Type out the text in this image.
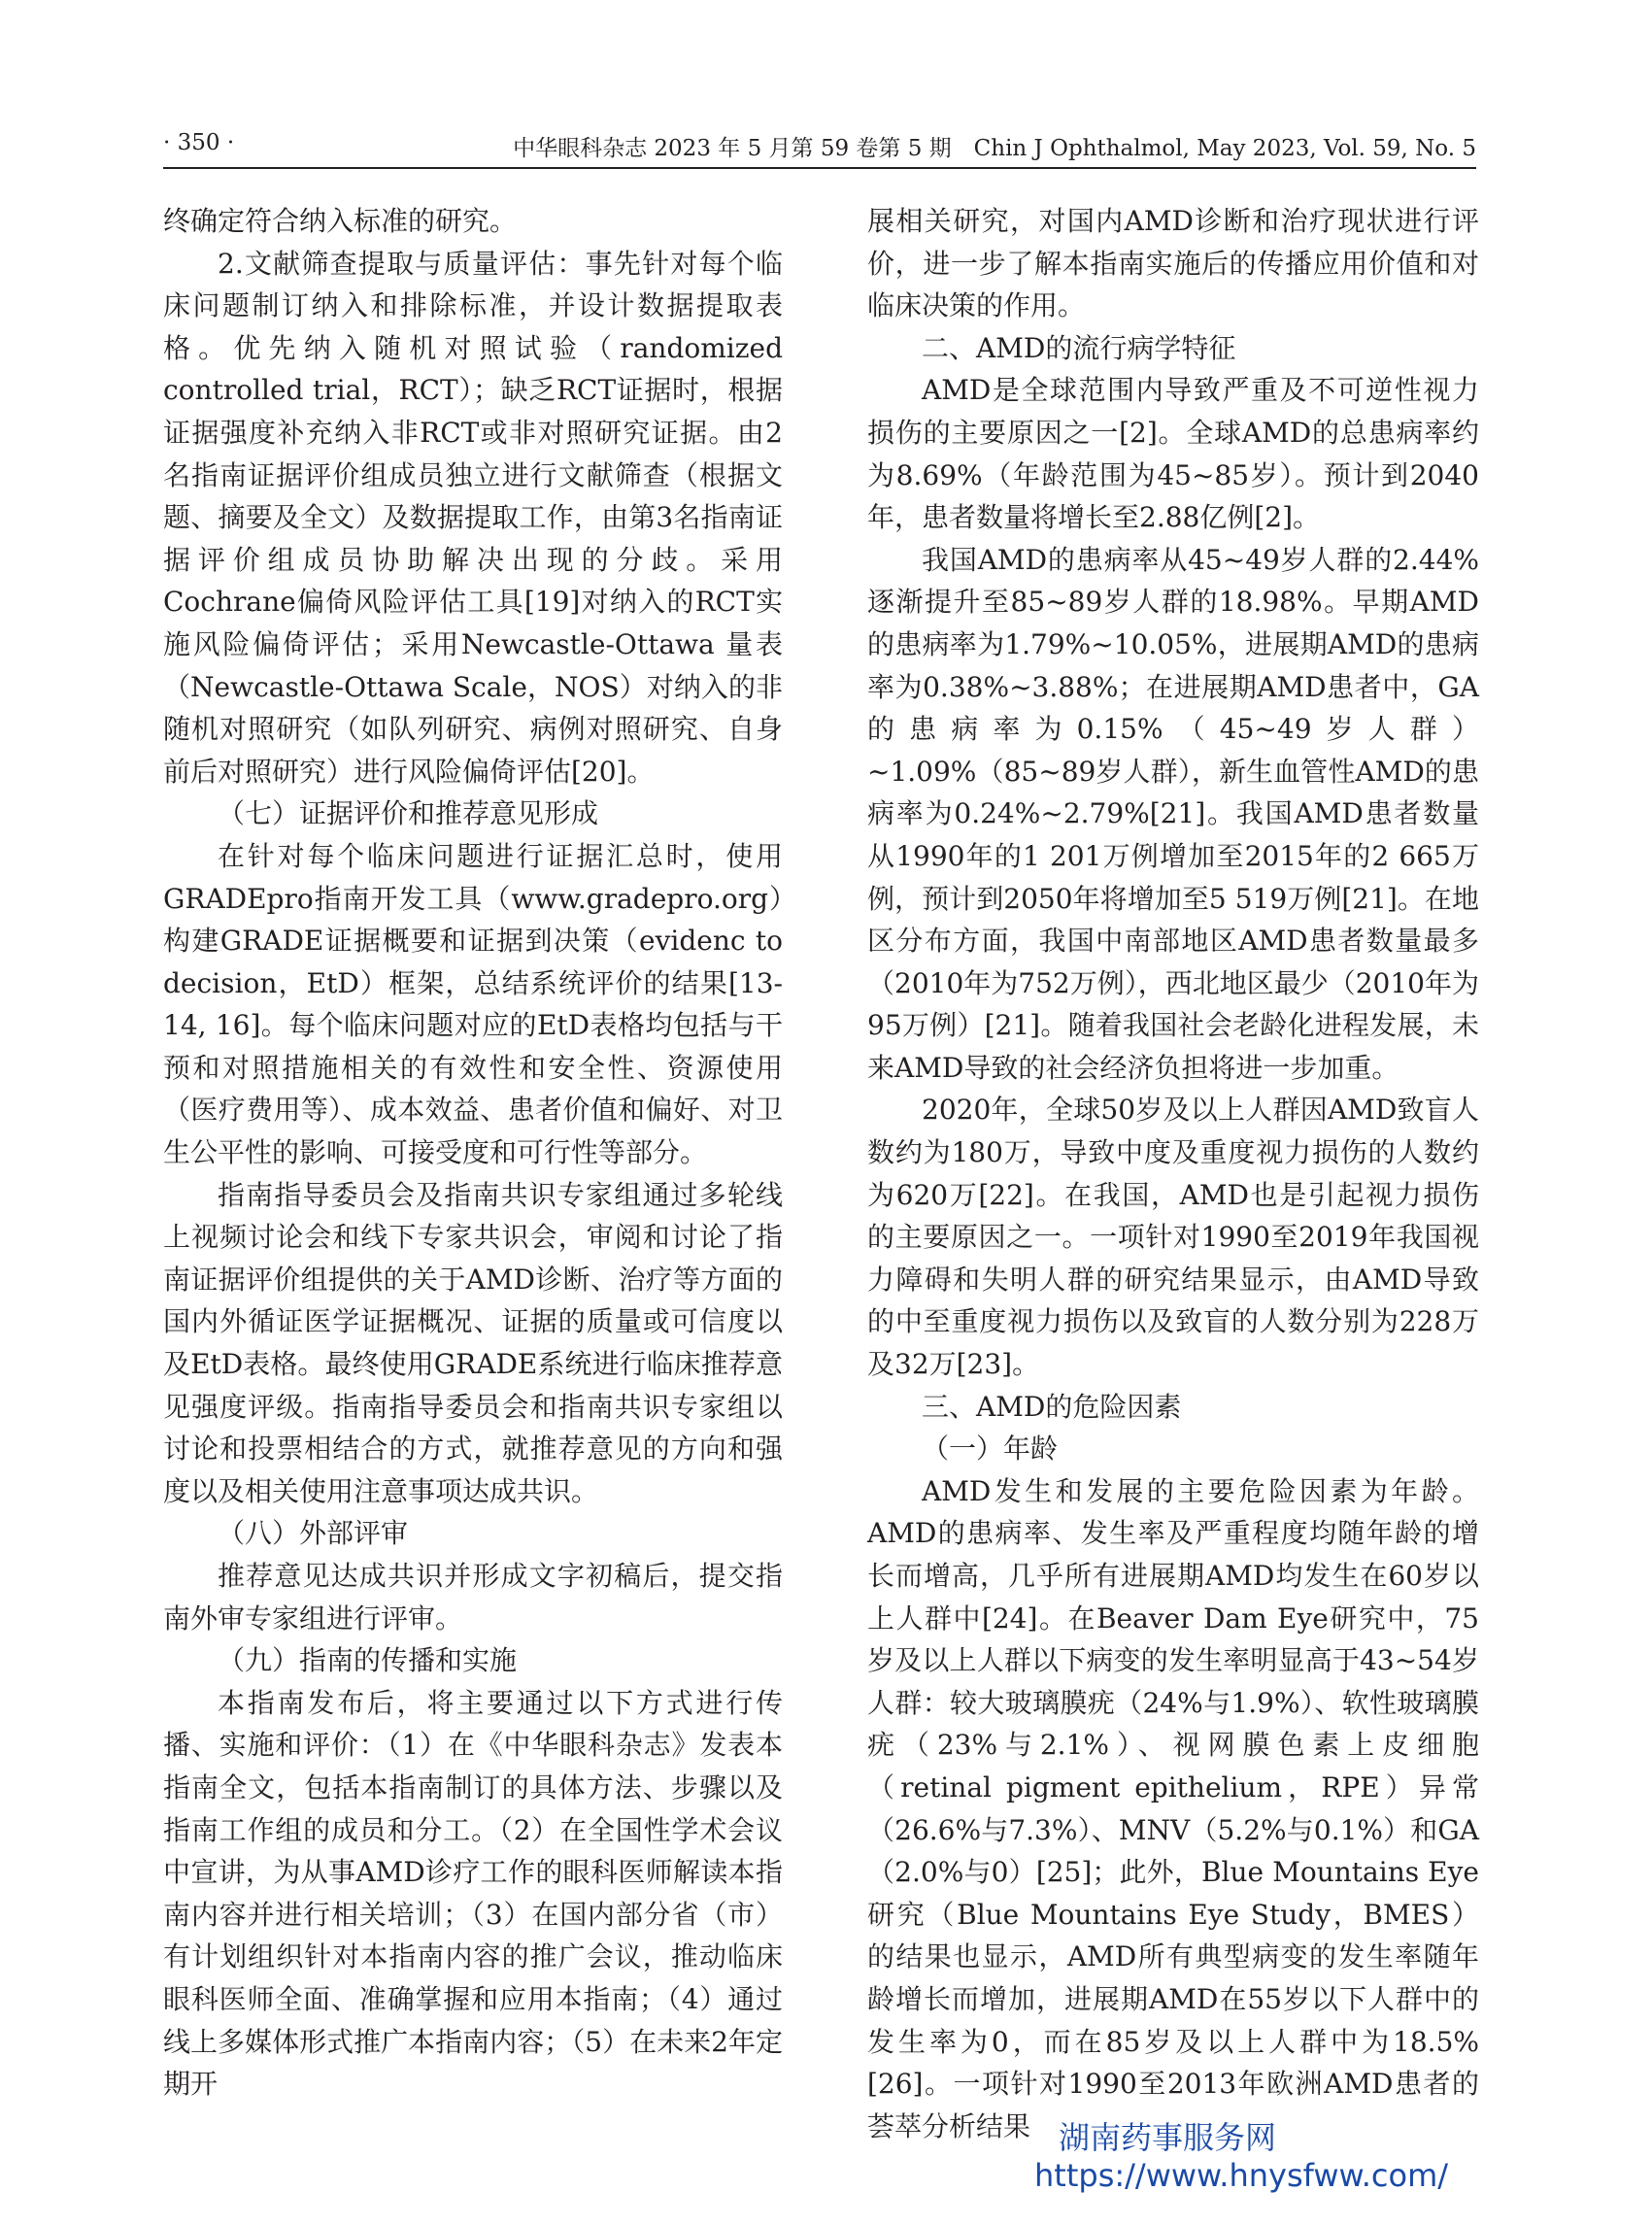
· 350 ·	中华眼科杂志 2023 年 5 月第 59 卷第 5 期　Chin J Ophthalmol, May 2023, Vol. 59, No. 5

终确定符合纳入标准的研究。

2.文献筛查提取与质量评估：事先针对每个临床问题制订纳入和排除标准，并设计数据提取表格。优先纳入随机对照试验（randomized controlled trial，RCT）；缺乏RCT证据时，根据证据强度补充纳入非RCT或非对照研究证据。由2名指南证据评价组成员独立进行文献筛查（根据文题、摘要及全文）及数据提取工作，由第3名指南证据评价组成员协助解决出现的分歧。采用Cochrane偏倚风险评估工具[19]对纳入的RCT实施风险偏倚评估；采用Newcastle-Ottawa 量表（Newcastle-Ottawa Scale，NOS）对纳入的非随机对照研究（如队列研究、病例对照研究、自身前后对照研究）进行风险偏倚评估[20]。

（七）证据评价和推荐意见形成

在针对每个临床问题进行证据汇总时，使用GRADEpro指南开发工具（www.gradepro.org）构建GRADE证据概要和证据到决策（evidenc to decision，EtD）框架，总结系统评价的结果[13-14, 16]。每个临床问题对应的EtD表格均包括与干预和对照措施相关的有效性和安全性、资源使用（医疗费用等）、成本效益、患者价值和偏好、对卫生公平性的影响、可接受度和可行性等部分。

指南指导委员会及指南共识专家组通过多轮线上视频讨论会和线下专家共识会，审阅和讨论了指南证据评价组提供的关于AMD诊断、治疗等方面的国内外循证医学证据概况、证据的质量或可信度以及EtD表格。最终使用GRADE系统进行临床推荐意见强度评级。指南指导委员会和指南共识专家组以讨论和投票相结合的方式，就推荐意见的方向和强度以及相关使用注意事项达成共识。

（八）外部评审

推荐意见达成共识并形成文字初稿后，提交指南外审专家组进行评审。

（九）指南的传播和实施

本指南发布后，将主要通过以下方式进行传播、实施和评价：（1）在《中华眼科杂志》发表本指南全文，包括本指南制订的具体方法、步骤以及指南工作组的成员和分工。（2）在全国性学术会议中宣讲，为从事AMD诊疗工作的眼科医师解读本指南内容并进行相关培训；（3）在国内部分省（市）有计划组织针对本指南内容的推广会议，推动临床眼科医师全面、准确掌握和应用本指南；（4）通过线上多媒体形式推广本指南内容；（5）在未来2年定期开

展相关研究，对国内AMD诊断和治疗现状进行评价，进一步了解本指南实施后的传播应用价值和对临床决策的作用。

二、AMD的流行病学特征

AMD是全球范围内导致严重及不可逆性视力损伤的主要原因之一[2]。全球AMD的总患病率约为8.69%（年龄范围为45~85岁）。预计到2040年，患者数量将增长至2.88亿例[2]。

我国AMD的患病率从45~49岁人群的2.44%逐渐提升至85~89岁人群的18.98%。早期AMD的患病率为1.79%~10.05%，进展期AMD的患病率为0.38%~3.88%；在进展期AMD患者中，GA的患病率为0.15%（45~49岁人群）~1.09%（85~89岁人群），新生血管性AMD的患病率为0.24%~2.79%[21]。我国AMD患者数量从1990年的1 201万例增加至2015年的2 665万例，预计到2050年将增加至5 519万例[21]。在地区分布方面，我国中南部地区AMD患者数量最多（2010年为752万例），西北地区最少（2010年为95万例）[21]。随着我国社会老龄化进程发展，未来AMD导致的社会经济负担将进一步加重。

2020年，全球50岁及以上人群因AMD致盲人数约为180万，导致中度及重度视力损伤的人数约为620万[22]。在我国，AMD也是引起视力损伤的主要原因之一。一项针对1990至2019年我国视力障碍和失明人群的研究结果显示，由AMD导致的中至重度视力损伤以及致盲的人数分别为228万及32万[23]。

三、AMD的危险因素

（一）年龄

AMD发生和发展的主要危险因素为年龄。AMD的患病率、发生率及严重程度均随年龄的增长而增高，几乎所有进展期AMD均发生在60岁以上人群中[24]。在Beaver Dam Eye研究中，75岁及以上人群以下病变的发生率明显高于43~54岁人群：较大玻璃膜疣（24%与1.9%）、软性玻璃膜疣（23%与2.1%）、视网膜色素上皮细胞（retinal pigment epithelium，RPE）异常（26.6%与7.3%）、MNV（5.2%与0.1%）和GA（2.0%与0）[25]；此外，Blue Mountains Eye研究（Blue Mountains Eye Study，BMES）的结果也显示，AMD所有典型病变的发生率随年龄增长而增加，进展期AMD在55岁以下人群中的发生率为0，而在85岁及以上人群中为18.5%[26]。一项针对1990至2013年欧洲AMD患者的荟萃分析结果 湖南药事服务网
https://www.hnysfww.com/
